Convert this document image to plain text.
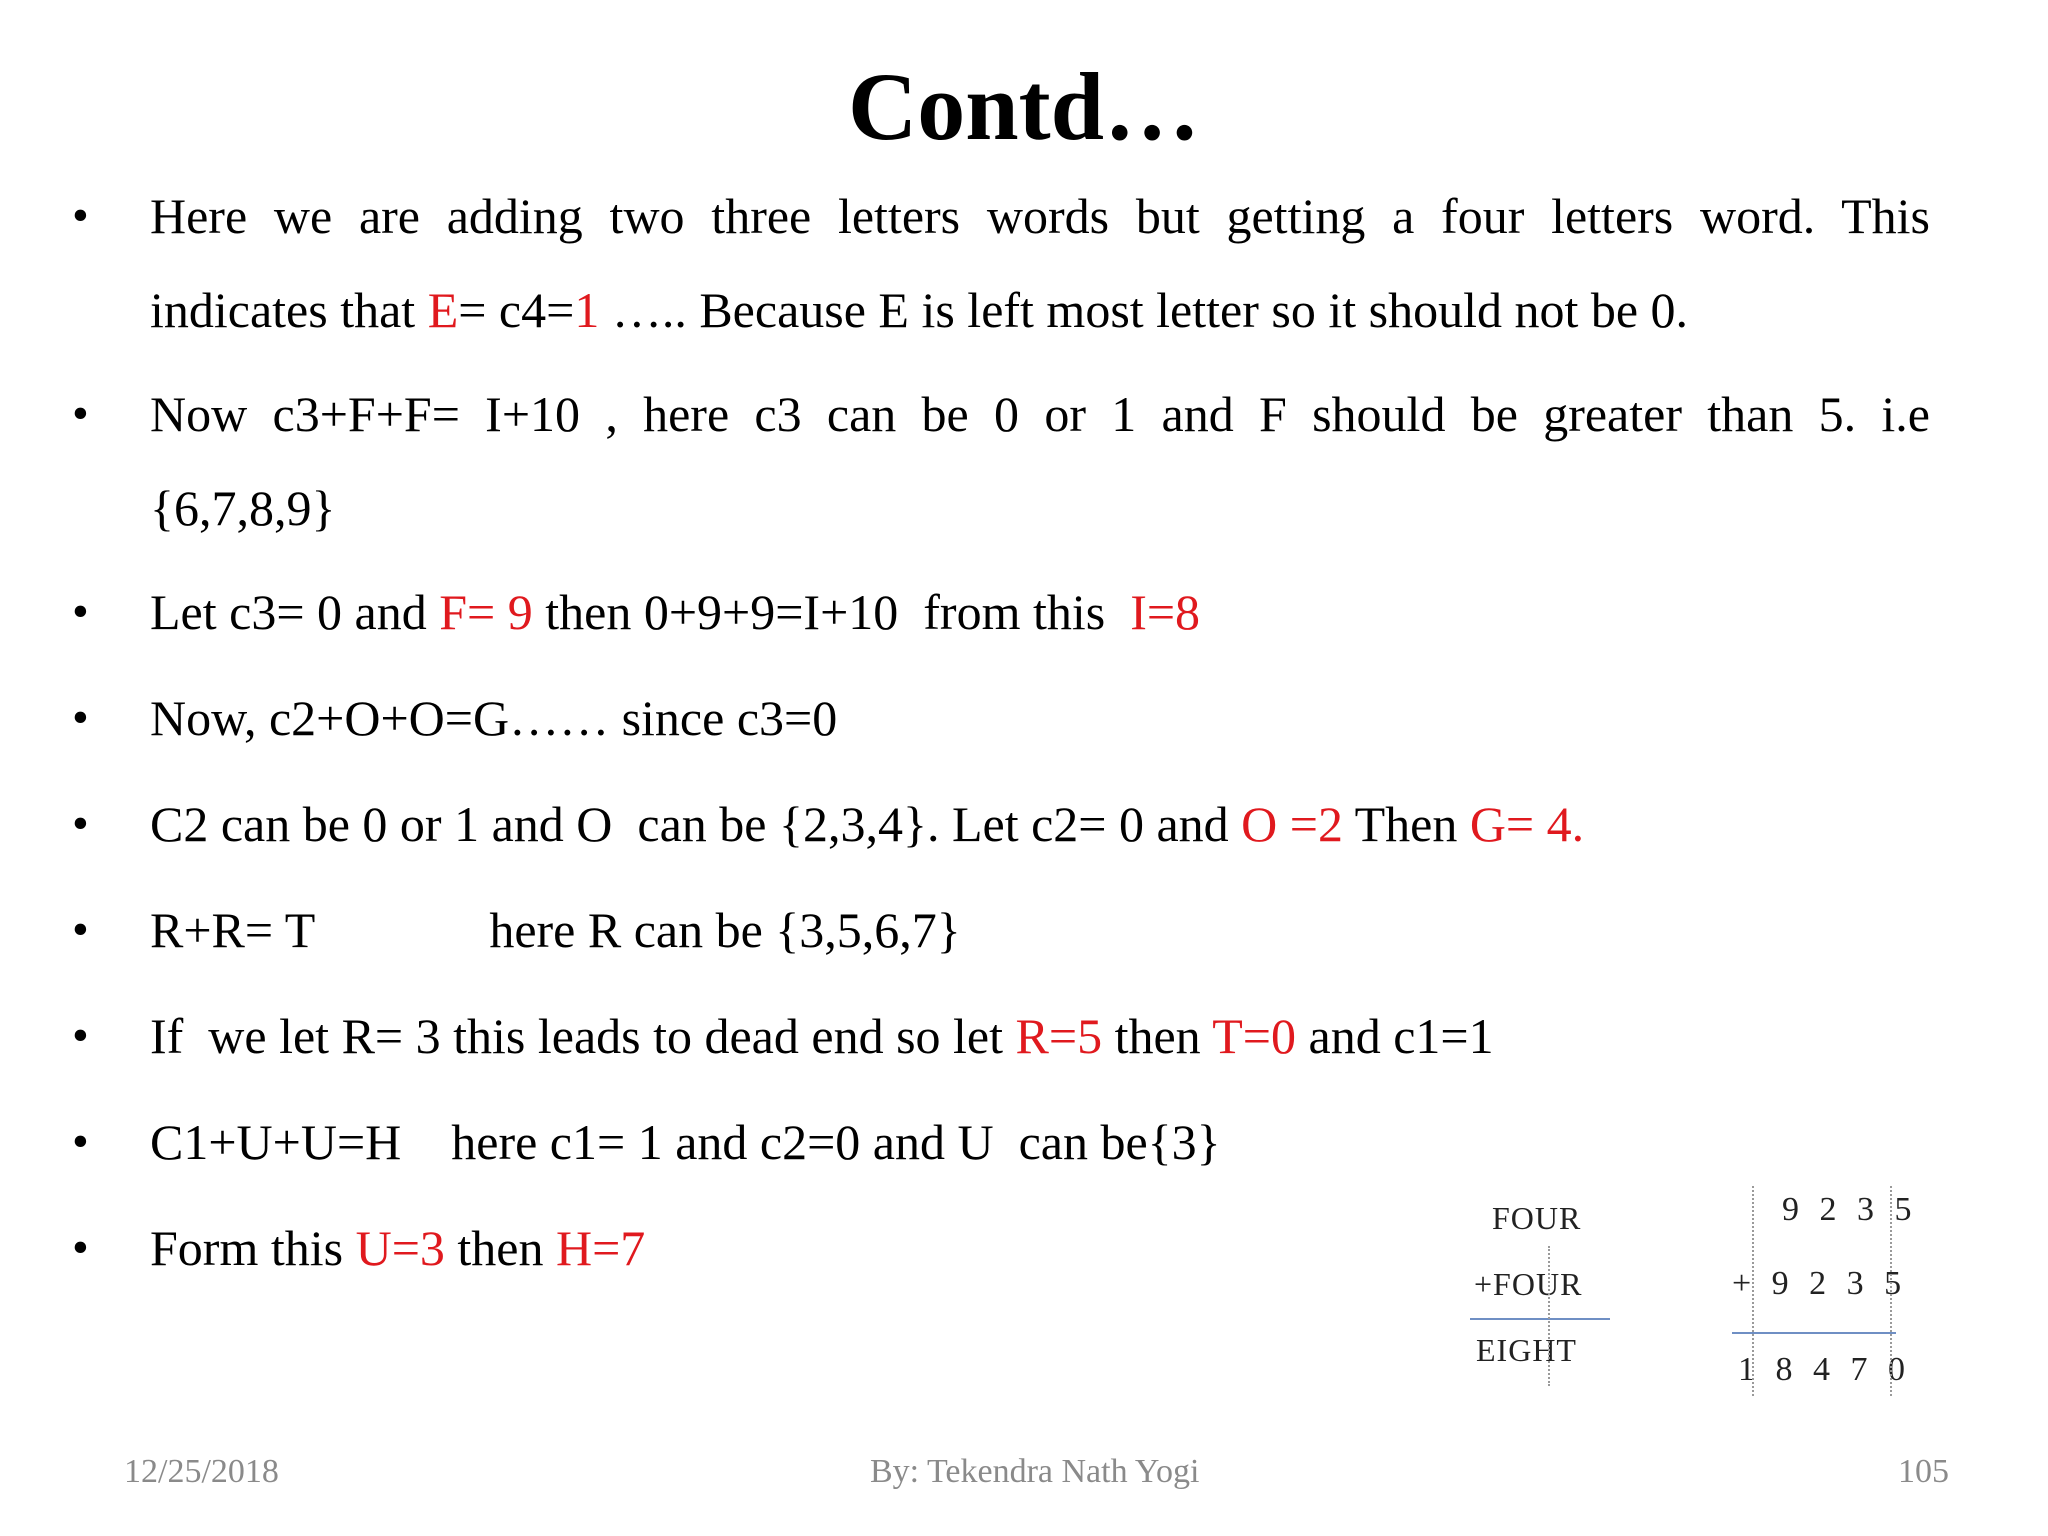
Contd…
• Here we are adding two three letters words but getting a four letters word. This
indicates that E= c4=1 ….. Because E is left most letter so it should not be 0.
• Now c3+F+F= I+10 , here c3 can be 0 or 1 and F should be greater than 5. i.e
{6,7,8,9}
• Let c3= 0 and F= 9 then 0+9+9=I+10  from this  I=8
• Now, c2+O+O=G…… since c3=0
• C2 can be 0 or 1 and O  can be {2,3,4}. Let c2= 0 and O =2 Then G= 4.
• R+R= T              here R can be {3,5,6,7}
• If  we let R= 3 this leads to dead end so let R=5 then T=0 and c1=1
• C1+U+U=H    here c1= 1 and c2=0 and U  can be{3}
• Form this U=3 then H=7
FOUR
+FOUR
EIGHT
9 2 3 5
+ 9 2 3 5
1 8 4 7 0
12/25/2018	By: Tekendra Nath Yogi	105
